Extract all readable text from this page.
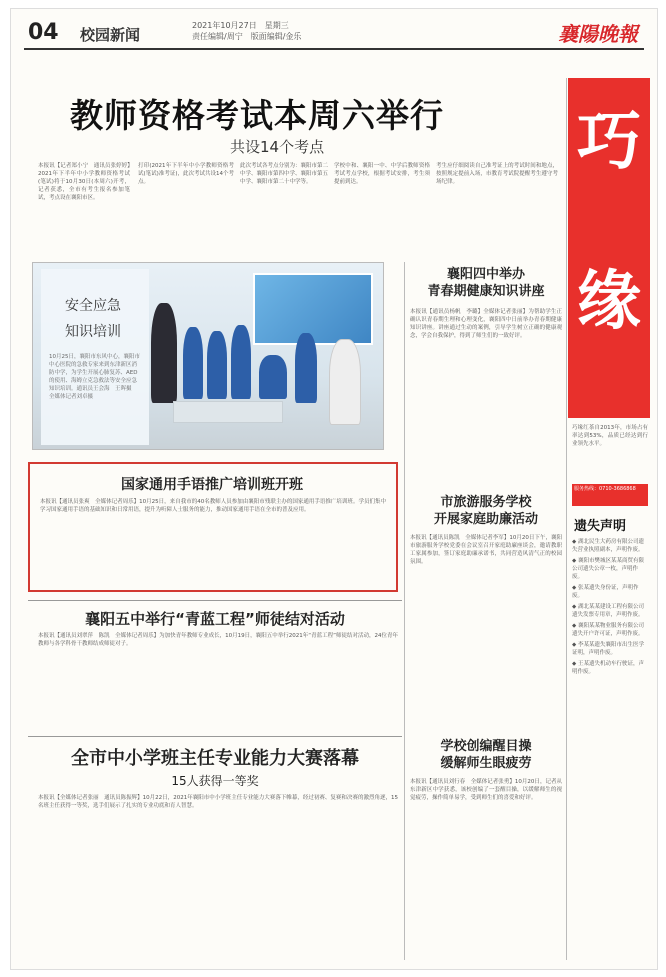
04 校园新闻
2021年10月27日　星期三
责任编辑/周宁　版面编辑/金乐	襄陽晚報
教师资格考试本周六举行
共设14个考点
本报讯【记者郑小宁　通讯员张婷婷】2021年下半年中小学教师资格考试(笔试)将于10月30日(本周六)开考，记者获悉，全市有考生报名参加笔试，考点设在襄阳市区。
打印(2021年下半年中小学教师资格考试(笔试)准考证)，此次考试共设14个考点。
此次考试各考点分别为：襄阳市第二中学、襄阳市第四中学、襄阳市第五中学、襄阳市第二十中学等。
学校中和、襄阳一中、中学后教师资格考试考点学校，根据考试安排，考生须提前到达。
考生应仔细阅读自己准考证上的考试时间和地点，按照规定提前入场，市教育考试院提醒考生遵守考场纪律。
安全应急
知识培训
10月25日，襄阳市东风中心，襄阳市中心医院的急救专家来到东津新区消防中学，为学生开展心肺复苏、AED的使用、海姆立克急救法等安全应急知识培训。通讯员王会海　王晖摄　全媒体记者刘卓摄
襄阳四中举办
青春期健康知识讲座
本报讯【通讯员杨帆　李璐】全媒体记者张丽】为帮助学生正确认识青春期生理和心理变化，襄阳四中日前举办青春期健康知识讲座。讲座通过生动的案例，引导学生树立正确的健康观念，学会自我保护，得到了师生们的一致好评。
国家通用手语推广培训班开班
本报讯【通讯员张爽　全媒体记者周乐】10月25日，来自我市的40名教师人员参加由襄阳市残联主办的国家通用手语推广培训班。学员们集中学习国家通用手语的基础知识和日常用语，提升为听障人士服务的能力，推动国家通用手语在全市的普及应用。	市旅游服务学校
开展家庭助廉活动
本报讯【通讯员陈凯　全媒体记者李军】10月20日下午，襄阳市旅游服务学校党委在会议室召开家庭助廉座谈会，邀请教职工家属参加，签订家庭助廉承诺书，共同营造风清气正的校园氛围。
襄阳五中举行“青蓝工程”师徒结对活动
本报讯【通讯员刘翠萍　陈凯　全媒体记者周乐】为加快青年教师专业成长，10月19日，襄阳五中举行2021年“青蓝工程”师徒结对活动，24位青年教师与各学科骨干教师结成师徒对子。
全市中小学班主任专业能力大赛落幕
15人获得一等奖
本报讯【全媒体记者张丽　通讯员陈振辉】10月22日，2021年襄阳市中小学班主任专业能力大赛落下帷幕，经过初赛、复赛和决赛的激烈角逐，15名班主任获得一等奖，选手们展示了扎实的专业功底和育人智慧。
学校创编醒目操
缓解师生眼疲劳
本报讯【通讯员刘行春　全媒体记者张勇】10月20日，记者从东津新区中学获悉，该校创编了一套醒目操，以缓解师生的视觉疲劳，操作简单易学，受到师生们的喜爱和好评。
巧
缘
巧缘红茶自2013年，市场占有率达到53%，品质已经达到行业领先水平。
服务热线：0710-3686868
遗失声明

◆ 湖北民生大药房有限公司遗失营业执照副本，声明作废。

◆ 襄阳市樊城区某某商贸有限公司遗失公章一枚，声明作废。

◆ 张某遗失身份证，声明作废。

◆ 湖北某某建设工程有限公司遗失发票专用章，声明作废。

◆ 襄阳某某物业服务有限公司遗失开户许可证，声明作废。

◆ 李某某遗失襄阳市出生医学证明，声明作废。

◆ 王某遗失机动车行驶证，声明作废。
